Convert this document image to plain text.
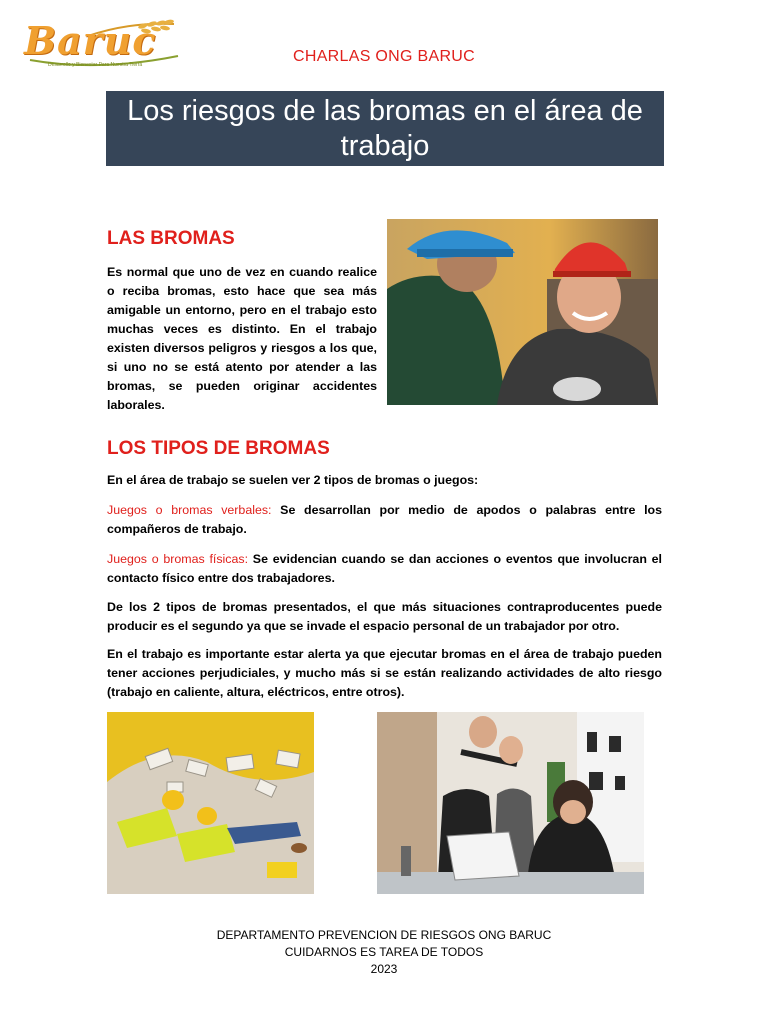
Baruc
Desarrollo y Bienestar Para Nuestra Tierra	CHARLAS ONG BARUC
Los riesgos de las bromas en el área de trabajo
LAS BROMAS

Es normal que uno de vez en cuando realice o reciba bromas, esto hace que sea más amigable un entorno, pero en el trabajo esto muchas veces es distinto. En el trabajo existen diversos peligros y riesgos a los que, si uno no se está atento por atender a las bromas, se pueden originar accidentes laborales.

LOS TIPOS DE BROMAS

En el área de trabajo se suelen ver 2 tipos de bromas o juegos:

Juegos o bromas verbales: Se desarrollan por medio de apodos o palabras entre los compañeros de trabajo.

Juegos o bromas físicas: Se evidencian cuando se dan acciones o eventos que involucran el contacto físico entre dos trabajadores.

De los 2 tipos de bromas presentados, el que más situaciones contraproducentes puede producir es el segundo ya que se invade el espacio personal de un trabajador por otro.

En el trabajo es importante estar alerta ya que ejecutar bromas en el área de trabajo pueden tener acciones perjudiciales, y mucho más si se están realizando actividades de alto riesgo (trabajo en caliente, altura, eléctricos, entre otros).

DEPARTAMENTO PREVENCION DE RIESGOS ONG BARUC
CUIDARNOS ES TAREA DE TODOS
2023
